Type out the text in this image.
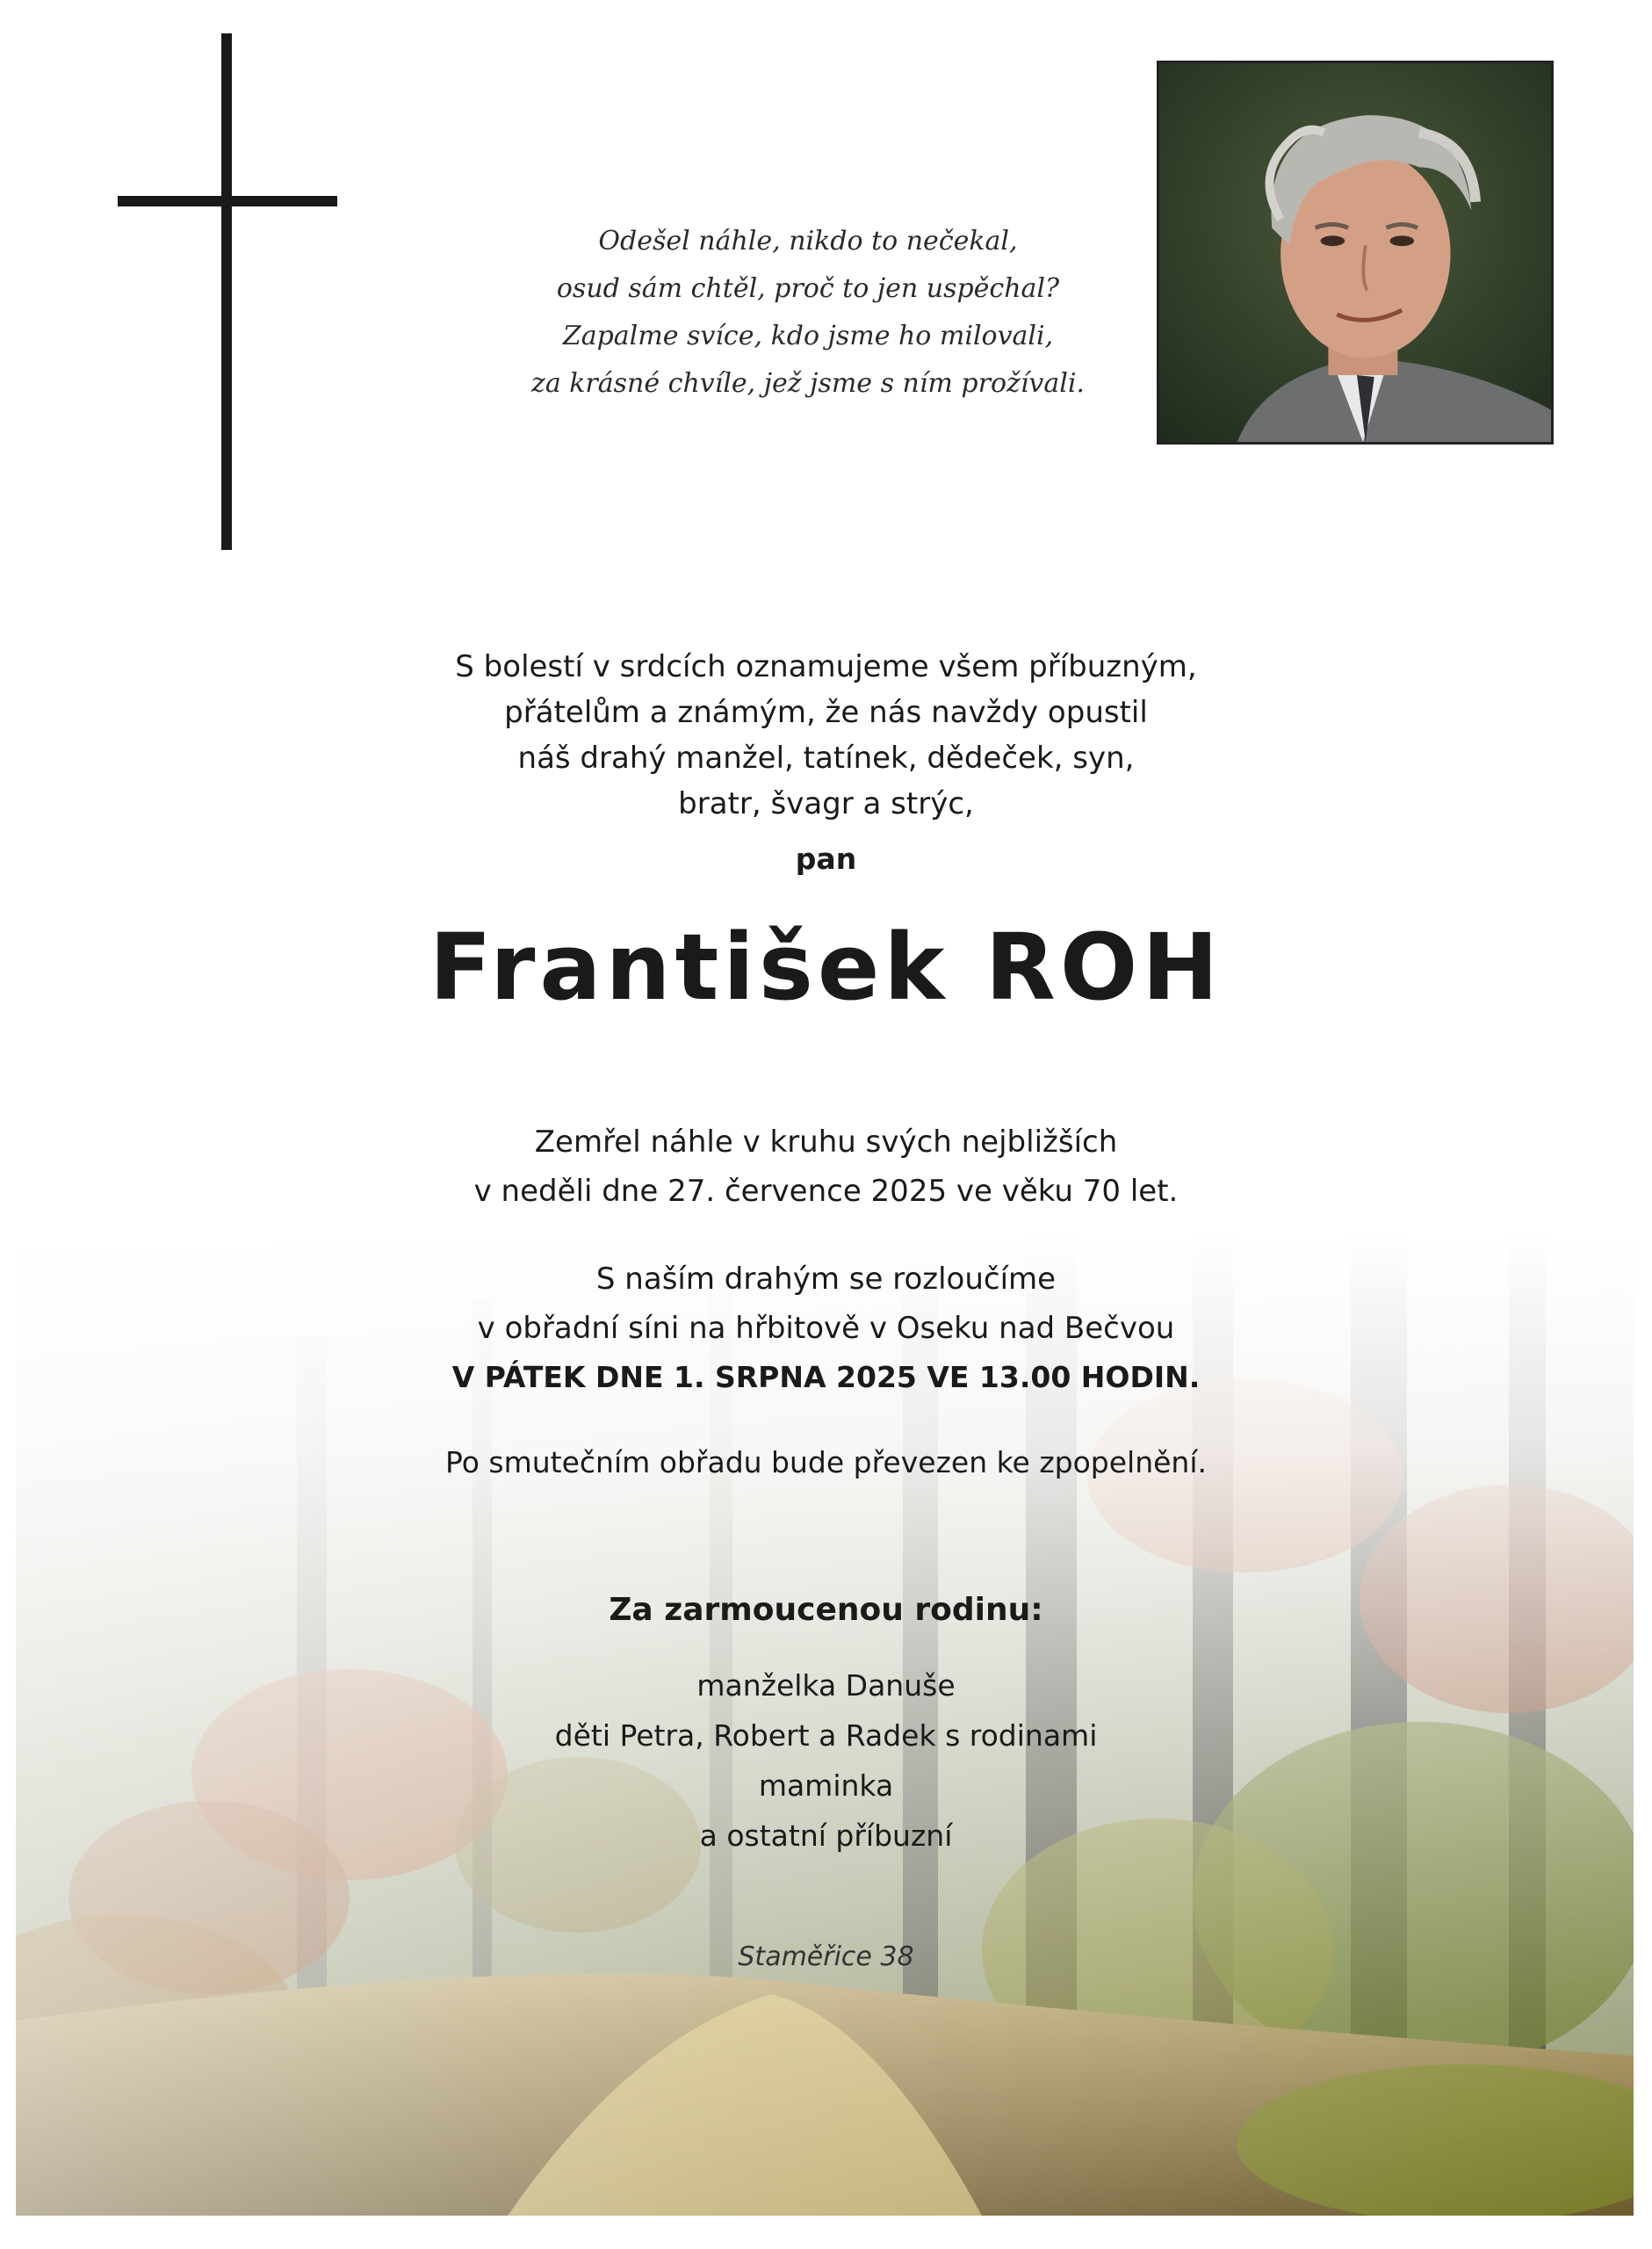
Odešel náhle, nikdo to nečekal,
osud sám chtěl, proč to jen uspěchal?
Zapalme svíce, kdo jsme ho milovali,
za krásné chvíle, jež jsme s ním prožívali.
S bolestí v srdcích oznamujeme všem příbuzným,
přátelům a známým, že nás navždy opustil
náš drahý manžel, tatínek, dědeček, syn,
bratr, švagr a strýc,
pan
František ROH
Zemřel náhle v kruhu svých nejbližších
v neděli dne 27. července 2025 ve věku 70 let.
S naším drahým se rozloučíme
v obřadní síni na hřbitově v Oseku nad Bečvou
V PÁTEK DNE 1. SRPNA 2025 VE 13.00 HODIN.
Po smutečním obřadu bude převezen ke zpopelnění.
Za zarmoucenou rodinu:
manželka Danuše
děti Petra, Robert a Radek s rodinami
maminka
a ostatní příbuzní
Staměřice 38
